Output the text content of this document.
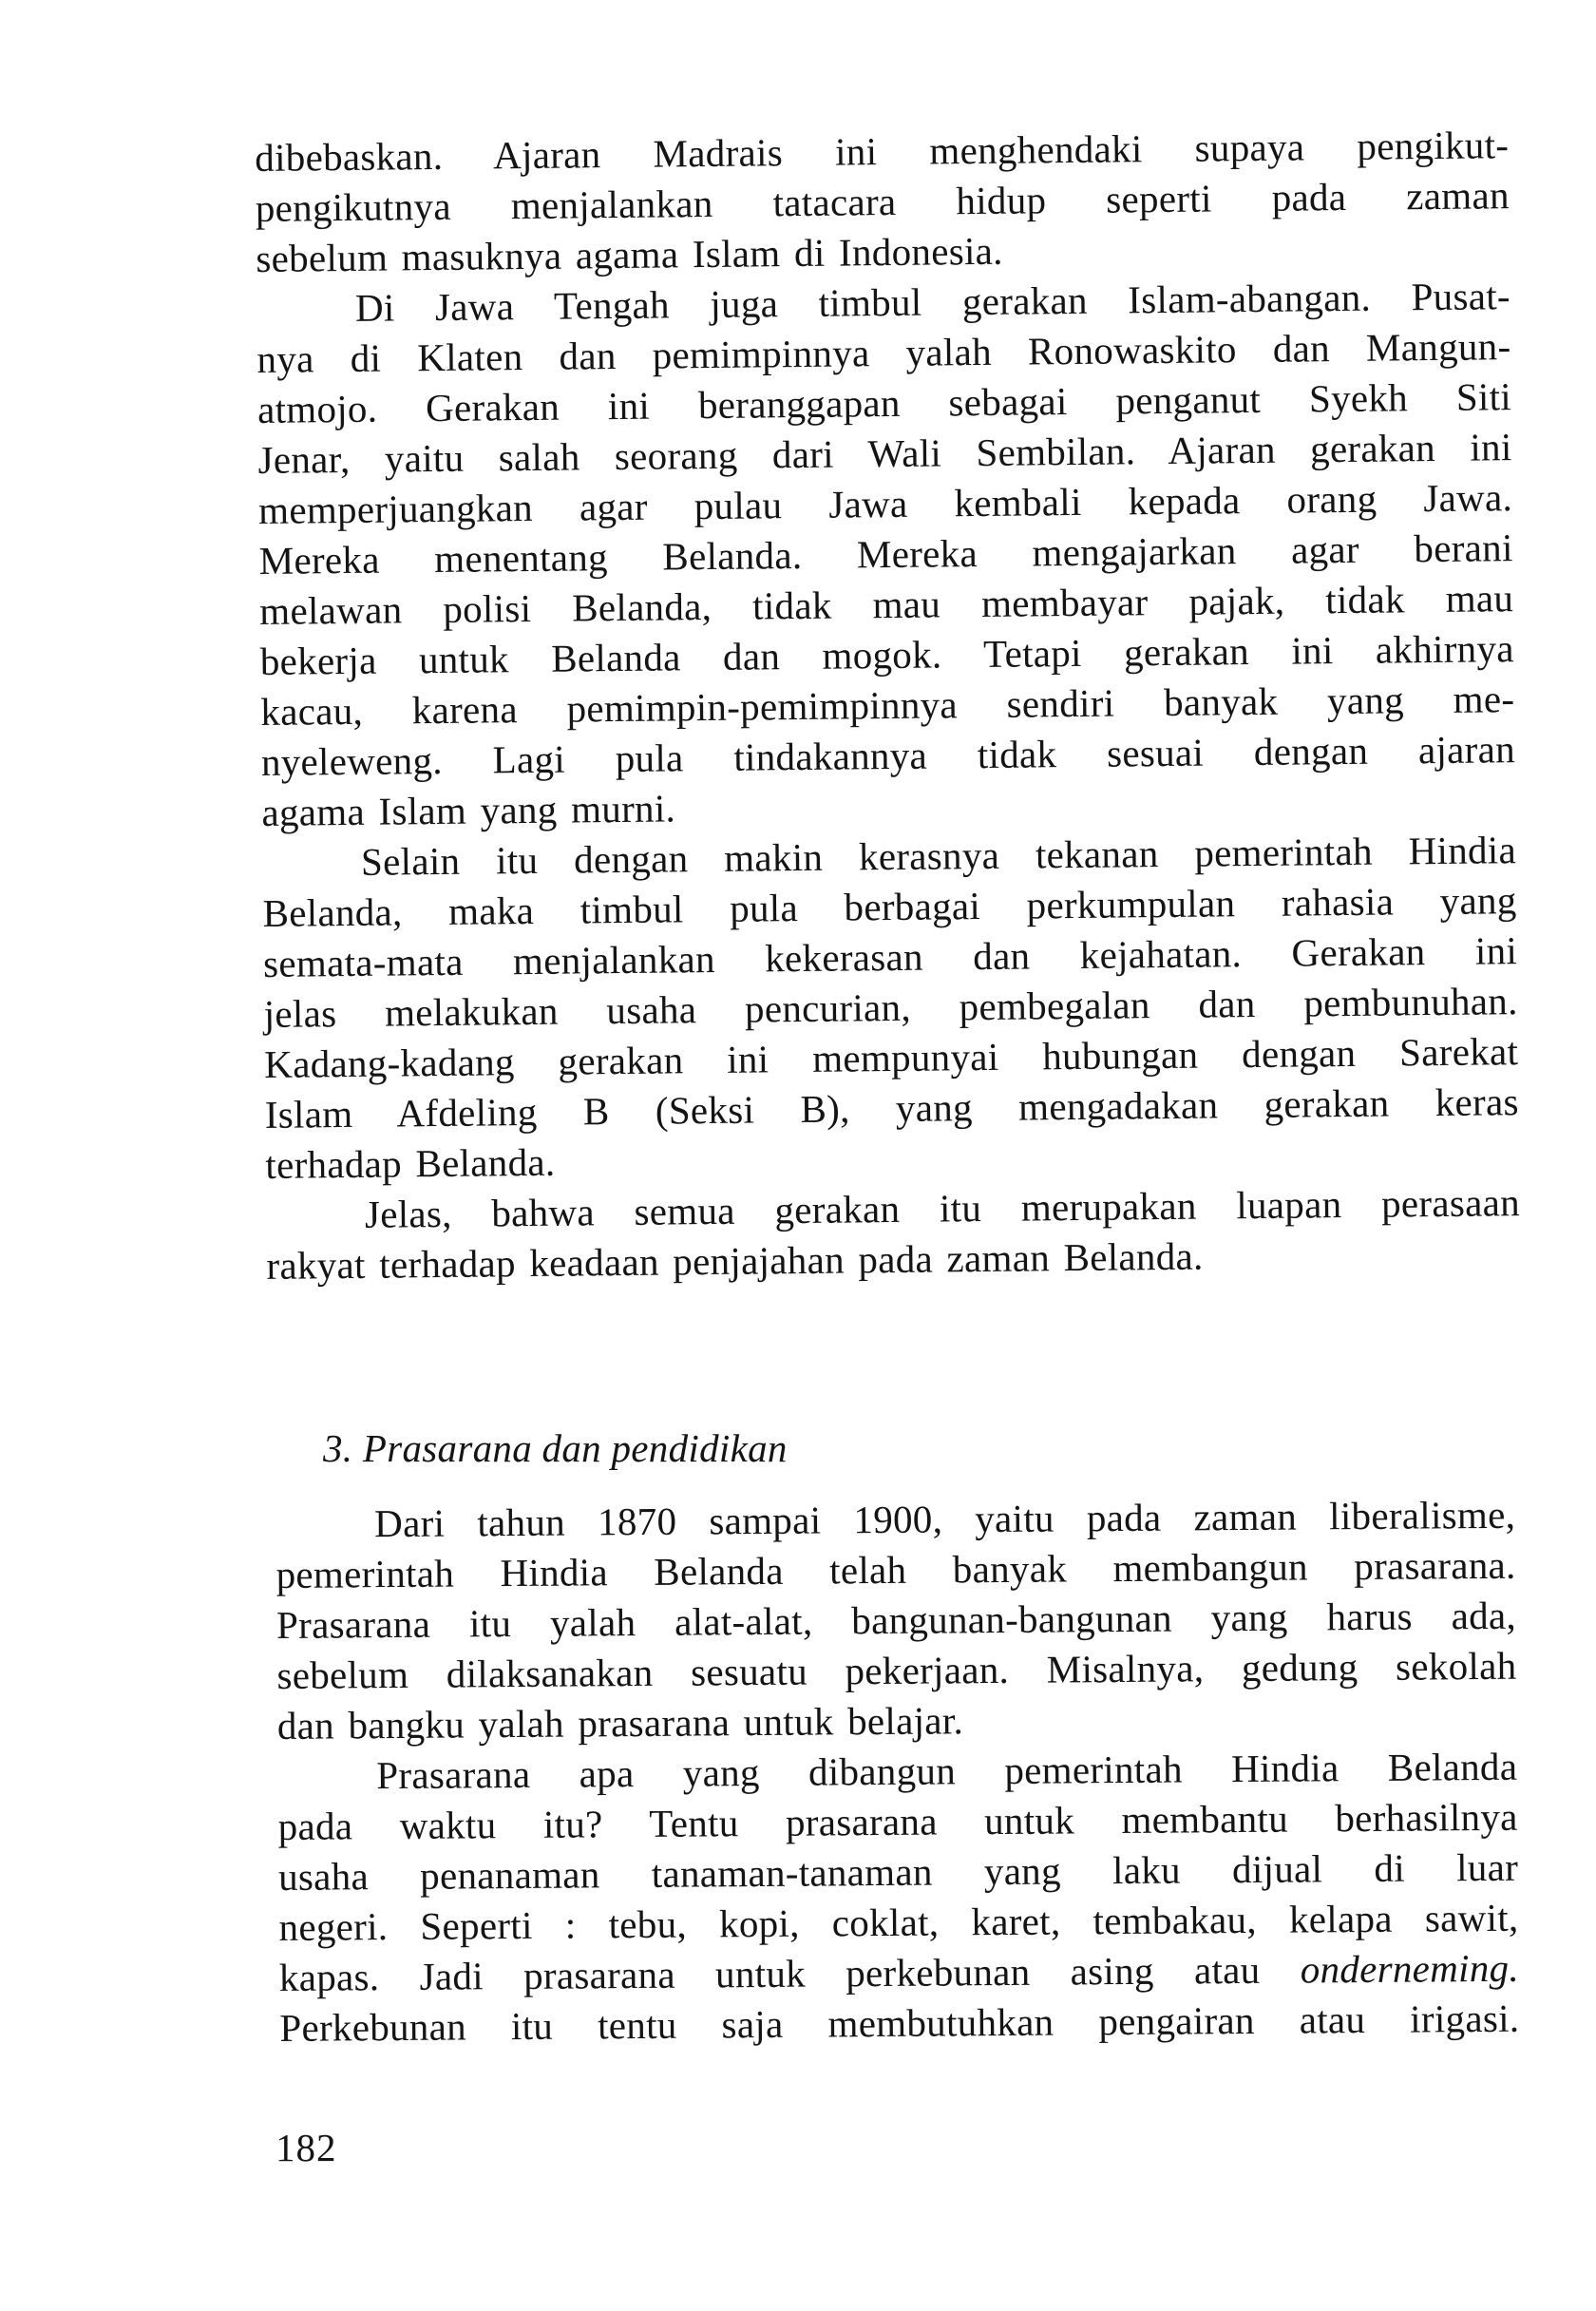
dibebaskan. Ajaran Madrais ini menghendaki supaya pengikut-
pengikutnya menjalankan tatacara hidup seperti pada zaman
sebelum masuknya agama Islam di Indonesia.
Di Jawa Tengah juga timbul gerakan Islam-abangan. Pusat-
nya di Klaten dan pemimpinnya yalah Ronowaskito dan Mangun-
atmojo. Gerakan ini beranggapan sebagai penganut Syekh Siti
Jenar, yaitu salah seorang dari Wali Sembilan. Ajaran gerakan ini
memperjuangkan agar pulau Jawa kembali kepada orang Jawa.
Mereka menentang Belanda. Mereka mengajarkan agar berani
melawan polisi Belanda, tidak mau membayar pajak, tidak mau
bekerja untuk Belanda dan mogok. Tetapi gerakan ini akhirnya
kacau, karena pemimpin-pemimpinnya sendiri banyak yang me-
nyeleweng. Lagi pula tindakannya tidak sesuai dengan ajaran
agama Islam yang murni.
Selain itu dengan makin kerasnya tekanan pemerintah Hindia
Belanda, maka timbul pula berbagai perkumpulan rahasia yang
semata-mata menjalankan kekerasan dan kejahatan. Gerakan ini
jelas melakukan usaha pencurian, pembegalan dan pembunuhan.
Kadang-kadang gerakan ini mempunyai hubungan dengan Sarekat
Islam Afdeling B (Seksi B), yang mengadakan gerakan keras
terhadap Belanda.
Jelas, bahwa semua gerakan itu merupakan luapan perasaan
rakyat terhadap keadaan penjajahan pada zaman Belanda.
3. Prasarana dan pendidikan
Dari tahun 1870 sampai 1900, yaitu pada zaman liberalisme,
pemerintah Hindia Belanda telah banyak membangun prasarana.
Prasarana itu yalah alat-alat, bangunan-bangunan yang harus ada,
sebelum dilaksanakan sesuatu pekerjaan. Misalnya, gedung sekolah
dan bangku yalah prasarana untuk belajar.
Prasarana apa yang dibangun pemerintah Hindia Belanda
pada waktu itu? Tentu prasarana untuk membantu berhasilnya
usaha penanaman tanaman-tanaman yang laku dijual di luar
negeri. Seperti : tebu, kopi, coklat, karet, tembakau, kelapa sawit,
kapas. Jadi prasarana untuk perkebunan asing atau onderneming.
Perkebunan itu tentu saja membutuhkan pengairan atau irigasi.
182
